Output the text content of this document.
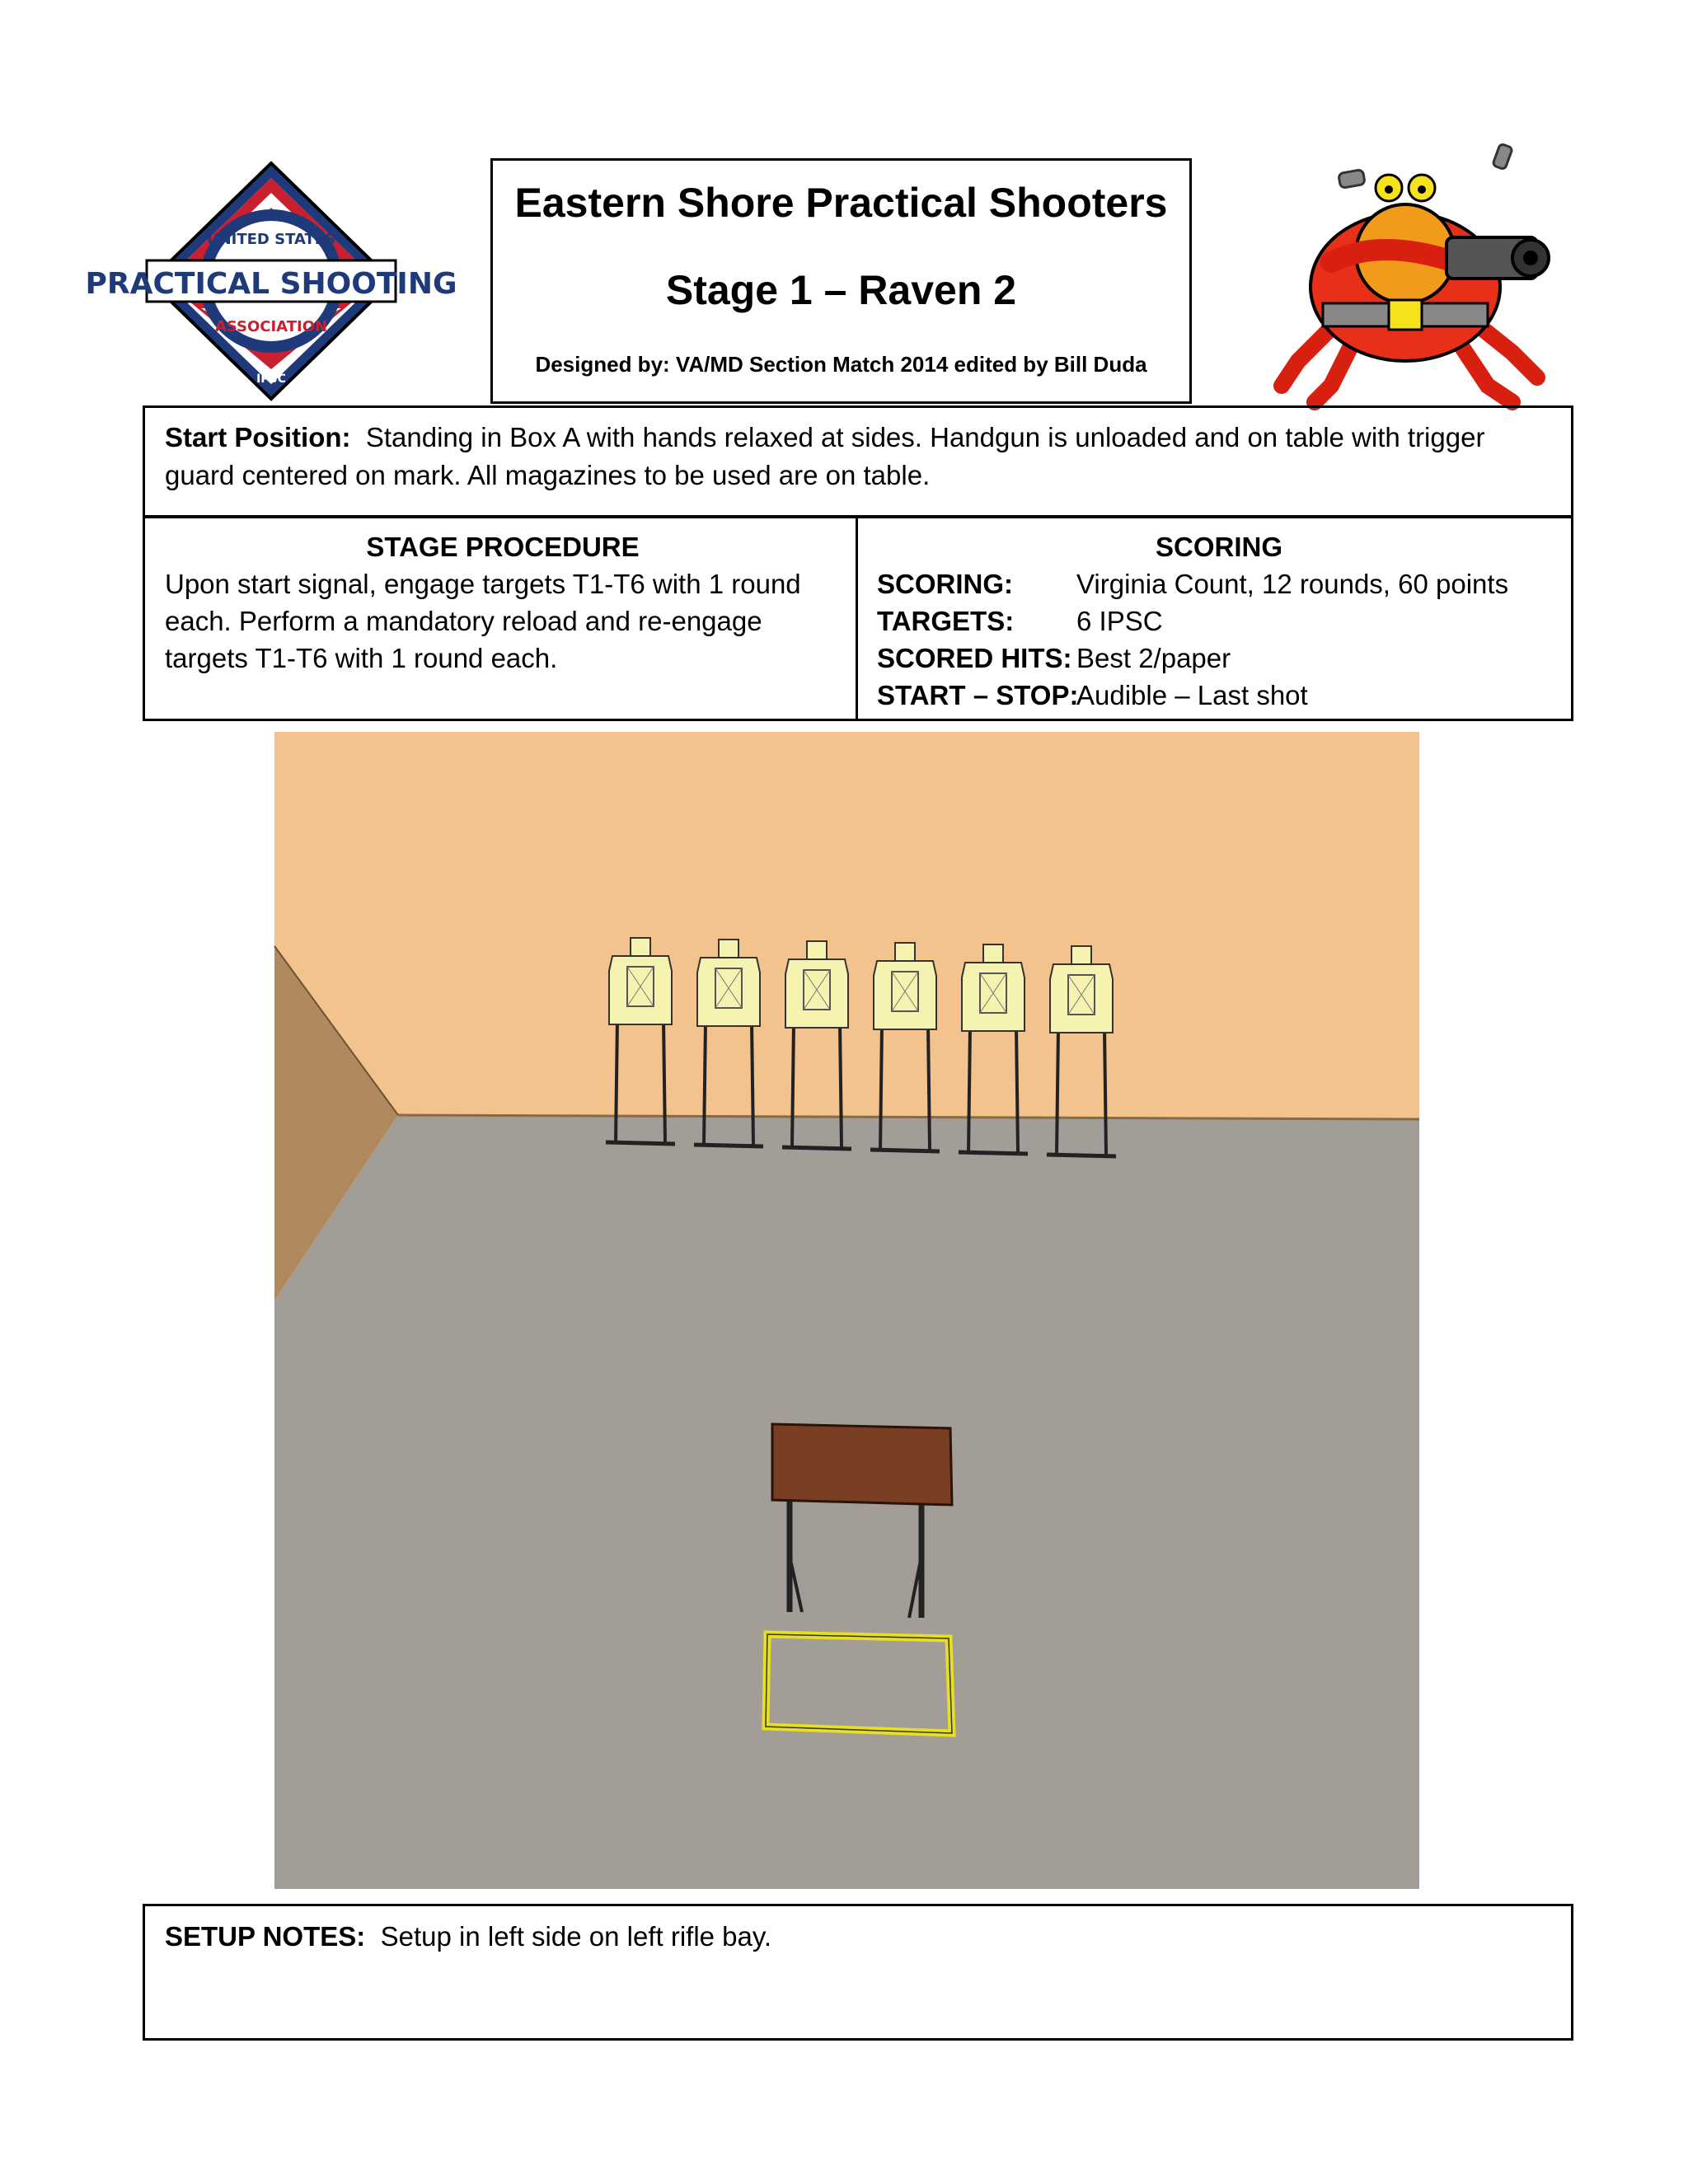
PRACTICAL SHOOTING
UNITED STATES
ASSOCIATION
IPSC
Eastern Shore Practical Shooters
Stage 1 – Raven 2
Designed by: VA/MD Section Match 2014 edited by Bill Duda
Start Position: Standing in Box A with hands relaxed at sides. Handgun is unloaded and on table with trigger guard centered on mark. All magazines to be used are on table.
STAGE PROCEDURE
Upon start signal, engage targets T1-T6 with 1 round each. Perform a mandatory reload and re-engage targets T1-T6 with 1 round each.
SCORING
SCORING:	Virginia Count, 12 rounds, 60 points
TARGETS:	6 IPSC
SCORED HITS: Best 2/paper
START – STOP:
Audible – Last shot
SETUP NOTES: Setup in left side on left rifle bay.
